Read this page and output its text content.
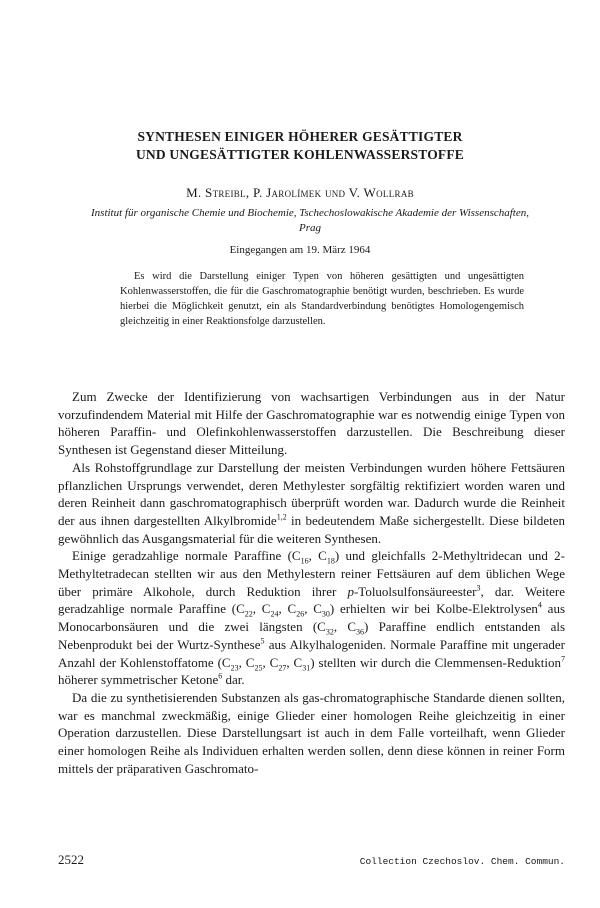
SYNTHESEN EINIGER HÖHERER GESÄTTIGTER
UND UNGESÄTTIGTER KOHLENWASSERSTOFFE
M. Streibl, P. Jarolímek und V. Wollrab
Institut für organische Chemie und Biochemie, Tschechoslowakische Akademie der Wissenschaften,
Prag
Eingegangen am 19. März 1964
Es wird die Darstellung einiger Typen von höheren gesättigten und ungesättigten Kohlenwasserstoffen, die für die Gaschromatographie benötigt wurden, beschrieben. Es wurde hierbei die Möglichkeit genutzt, ein als Standardverbindung benötigtes Homologengemisch gleichzeitig in einer Reaktionsfolge darzustellen.

Zum Zwecke der Identifizierung von wachsartigen Verbindungen aus in der Natur vorzufindendem Material mit Hilfe der Gaschromatographie war es notwendig einige Typen von höheren Paraffin- und Olefinkohlenwasserstoffen darzustellen. Die Beschreibung dieser Synthesen ist Gegenstand dieser Mitteilung.

Als Rohstoffgrundlage zur Darstellung der meisten Verbindungen wurden höhere Fettsäuren pflanzlichen Ursprungs verwendet, deren Methylester sorgfältig rektifiziert worden waren und deren Reinheit dann gaschromatographisch überprüft worden war. Dadurch wurde die Reinheit der aus ihnen dargestellten Alkylbromide$^{1,2}$ in bedeutendem Maße sichergestellt. Diese bildeten gewöhnlich das Ausgangsmaterial für die weiteren Synthesen.

Einige geradzahlige normale Paraffine ($C_{16}$, $C_{18}$) und gleichfalls 2-Methyltridecan und 2-Methyltetradecan stellten wir aus den Methylestern reiner Fettsäuren auf dem üblichen Wege über primäre Alkohole, durch Reduktion ihrer p-Toluolsulfonsäureester$^3$, dar. Weitere geradzahlige normale Paraffine ($C_{22}$, $C_{24}$, $C_{26}$, $C_{30}$) erhielten wir bei Kolbe-Elektrolysen$^4$ aus Monocarbonsäuren und die zwei längsten ($C_{32}$, $C_{36}$) Paraffine endlich entstanden als Nebenprodukt bei der Wurtz-Synthese$^5$ aus Alkylhalogeniden. Normale Paraffine mit ungerader Anzahl der Kohlenstoffatome ($C_{23}$, $C_{25}$, $C_{27}$, $C_{31}$) stellten wir durch die Clemmensen-Reduktion$^7$ höherer symmetrischer Ketone$^6$ dar.

Da die zu synthetisierenden Substanzen als gas-chromatographische Standarde dienen sollten, war es manchmal zweckmäßig, einige Glieder einer homologen Reihe gleichzeitig in einer Operation darzustellen. Diese Darstellungsart ist auch in dem Falle vorteilhaft, wenn Glieder einer homologen Reihe als Individuen erhalten werden sollen, denn diese können in reiner Form mittels der präparativen Gaschromato-

2522	Collection Czechoslov. Chem. Commun.
